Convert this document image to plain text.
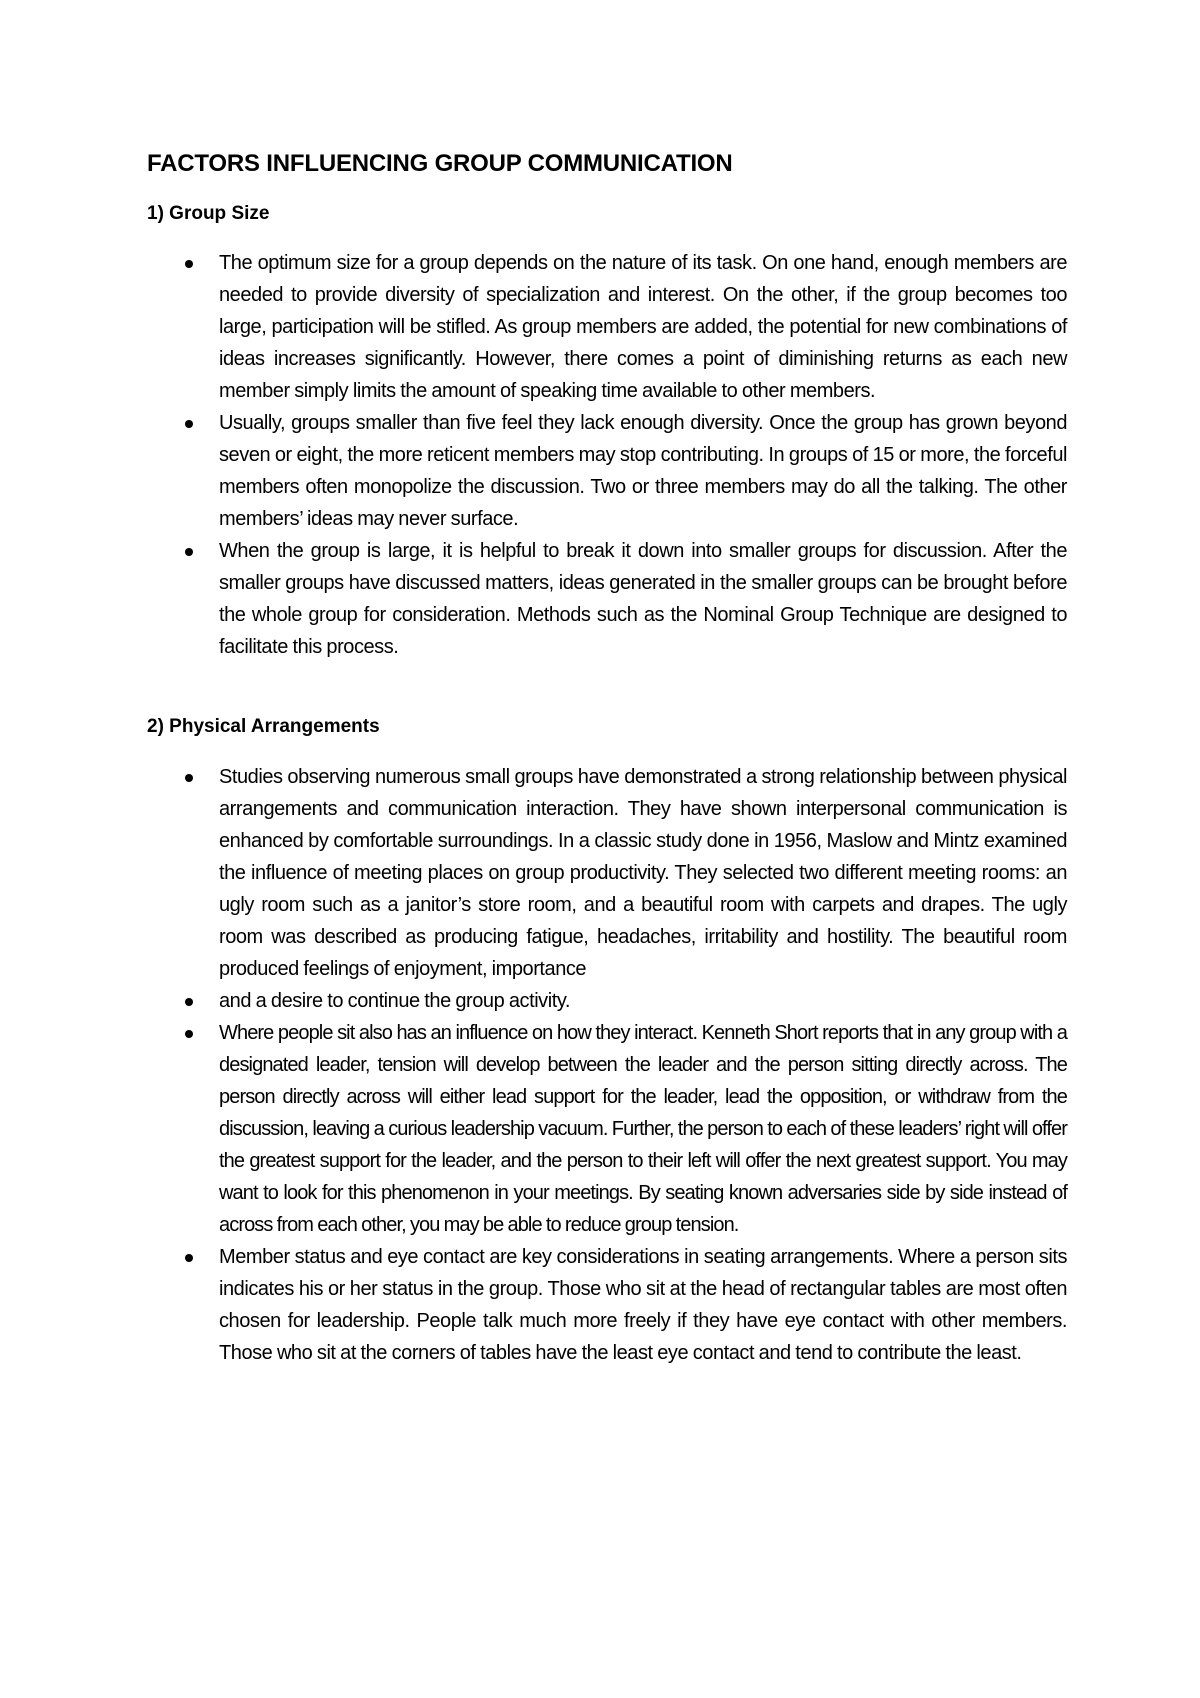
FACTORS INFLUENCING GROUP COMMUNICATION
1) Group Size
The optimum size for a group depends on the nature of its task. On one hand, enough members are needed to provide diversity of specialization and interest. On the other, if the group becomes too large, participation will be stifled. As group members are added, the potential for new combinations of ideas increases significantly. However, there comes a point of diminishing returns as each new member simply limits the amount of speaking time available to other members.
Usually, groups smaller than five feel they lack enough diversity. Once the group has grown beyond seven or eight, the more reticent members may stop contributing. In groups of 15 or more, the forceful members often monopolize the discussion. Two or three members may do all the talking. The other members’ ideas may never surface.
When the group is large, it is helpful to break it down into smaller groups for discussion. After the smaller groups have discussed matters, ideas generated in the smaller groups can be brought before the whole group for consideration. Methods such as the Nominal Group Technique are designed to facilitate this process.
2) Physical Arrangements
Studies observing numerous small groups have demonstrated a strong relationship between physical arrangements and communication interaction. They have shown interpersonal communication is enhanced by comfortable surroundings. In a classic study done in 1956, Maslow and Mintz examined the influence of meeting places on group productivity. They selected two different meeting rooms: an ugly room such as a janitor’s store room, and a beautiful room with carpets and drapes. The ugly room was described as producing fatigue, headaches, irritability and hostility. The beautiful room produced feelings of enjoyment, importance
and a desire to continue the group activity.
Where people sit also has an influence on how they interact. Kenneth Short reports that in any group with a designated leader, tension will develop between the leader and the person sitting directly across. The person directly across will either lead support for the leader, lead the opposition, or withdraw from the discussion, leaving a curious leadership vacuum. Further, the person to each of these leaders’ right will offer the greatest support for the leader, and the person to their left will offer the next greatest support. You may want to look for this phenomenon in your meetings. By seating known adversaries side by side instead of across from each other, you may be able to reduce group tension.
Member status and eye contact are key considerations in seating arrangements. Where a person sits indicates his or her status in the group. Those who sit at the head of rectangular tables are most often chosen for leadership. People talk much more freely if they have eye contact with other members. Those who sit at the corners of tables have the least eye contact and tend to contribute the least.
